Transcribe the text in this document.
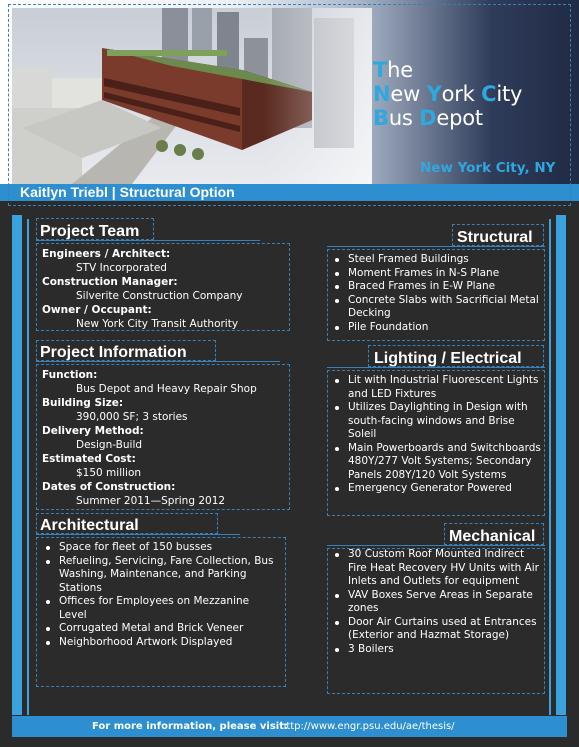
The
New York City
Bus Depot
New York City, NY
Kaitlyn Triebl | Structural Option
Project Team
Engineers / Architect:
STV Incorporated
Construction Manager:
Silverite Construction Company
Owner / Occupant:
New York City Transit Authority
Project Information
Function:
Bus Depot and Heavy Repair Shop
Building Size:
390,000 SF; 3 stories
Delivery Method:
Design-Build
Estimated Cost:
$150 million
Dates of Construction:
Summer 2011—Spring 2012
Architectural
Space for fleet of 150 busses
Refueling, Servicing, Fare Collection, Bus Washing, Maintenance, and Parking Stations
Offices for Employees on Mezzanine Level
Corrugated Metal and Brick Veneer
Neighborhood Artwork Displayed
Structural
Steel Framed Buildings
Moment Frames in N-S Plane
Braced Frames in E-W Plane
Concrete Slabs with Sacrificial Metal Decking
Pile Foundation
Lighting / Electrical
Lit with Industrial Fluorescent Lights and LED Fixtures
Utilizes Daylighting in Design with south-facing windows and Brise Soleil
Main Powerboards and Switchboards 480Y/277 Volt Systems; Secondary Panels 208Y/120 Volt Systems
Emergency Generator Powered
Mechanical
30 Custom Roof Mounted Indirect Fire Heat Recovery HV Units with Air Inlets and Outlets for equipment
VAV Boxes Serve Areas in Separate zones
Door Air Curtains used at Entrances (Exterior and Hazmat Storage)
3 Boilers
For more information, please visit:
http://www.engr.psu.edu/ae/thesis/
